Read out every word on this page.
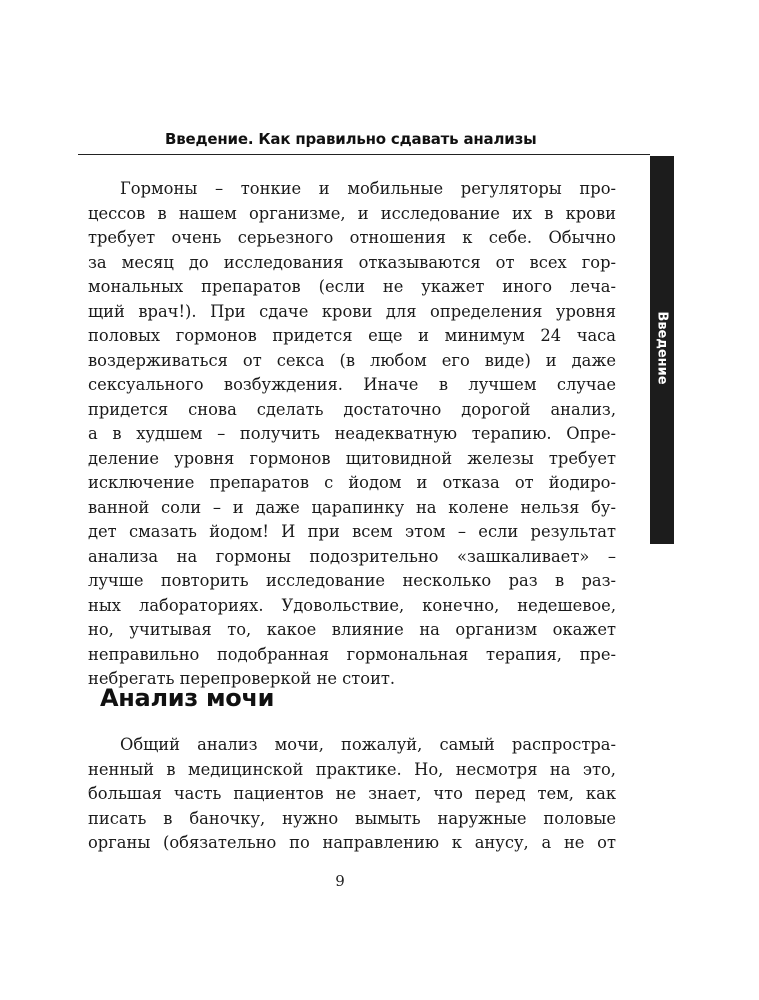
Введение. Как правильно сдавать анализы
Введение
Гормоны – тонкие и мобильные регуляторы про-
цессов в нашем организме, и исследование их в крови
требует очень серьезного отношения к себе. Обычно
за месяц до исследования отказываются от всех гор-
мональных препаратов (если не укажет иного леча-
щий врач!). При сдаче крови для определения уровня
половых гормонов придется еще и минимум 24 часа
воздерживаться от секса (в любом его виде) и даже
сексуального возбуждения. Иначе в лучшем случае
придется снова сделать достаточно дорогой анализ,
а в худшем – получить неадекватную терапию. Опре-
деление уровня гормонов щитовидной железы требует
исключение препаратов с йодом и отказа от йодиро-
ванной соли – и даже царапинку на колене нельзя бу-
дет смазать йодом! И при всем этом – если результат
анализа на гормоны подозрительно «зашкаливает» –
лучше повторить исследование несколько раз в раз-
ных лабораториях. Удовольствие, конечно, недешевое,
но, учитывая то, какое влияние на организм окажет
неправильно подобранная гормональная терапия, пре-
небрегать перепроверкой не стоит.
Анализ мочи
Общий анализ мочи, пожалуй, самый распростра-
ненный в медицинской практике. Но, несмотря на это,
большая часть пациентов не знает, что перед тем, как
писать в баночку, нужно вымыть наружные половые
органы (обязательно по направлению к анусу, а не от
9
